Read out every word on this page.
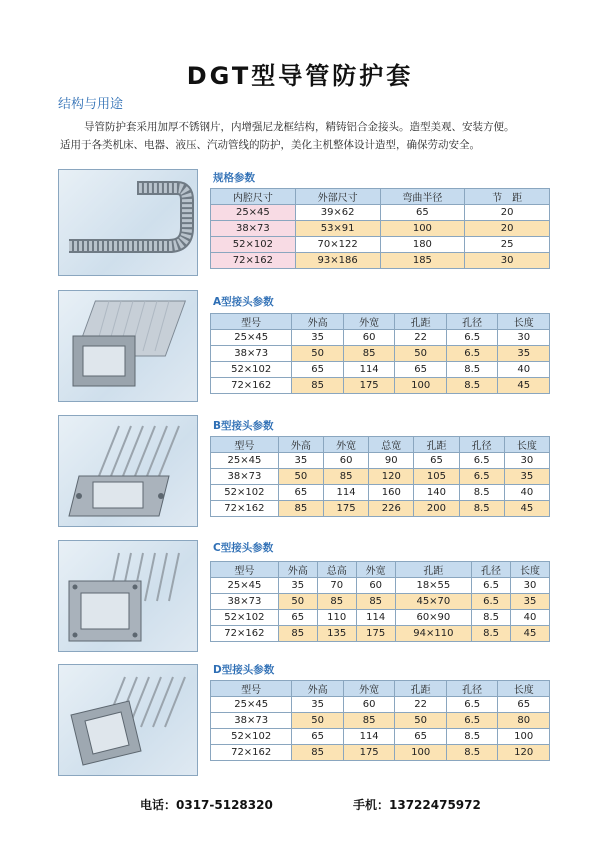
DGT型导管防护套
结构与用途

导管防护套采用加厚不锈钢片，内增强尼龙框结构，精铸铝合金接头。造型美观、安装方便。

适用于各类机床、电器、液压、汽动管线的防护，美化主机整体设计造型，确保劳动安全。

规格参数
内腔尺寸	外部尺寸	弯曲半径	节　距
25×45	39×62	65	20
38×73	53×91	100	20
52×102	70×122	180	25
72×162	93×186	185	30
A型接头参数
型号	外高	外宽	孔距	孔径	长度
25×45	35	60	22	6.5	30
38×73	50	85	50	6.5	35
52×102	65	114	65	8.5	40
72×162	85	175	100	8.5	45
B型接头参数
型号	外高	外宽	总宽	孔距	孔径	长度
25×45	35	60	90	65	6.5	30
38×73	50	85	120	105	6.5	35
52×102	65	114	160	140	8.5	40
72×162	85	175	226	200	8.5	45
C型接头参数
型号	外高	总高	外宽	孔距	孔径	长度
25×45	35	70	60	18×55	6.5	30
38×73	50	85	85	45×70	6.5	35
52×102	65	110	114	60×90	8.5	40
72×162	85	135	175	94×110	8.5	45
D型接头参数
型号	外高	外宽	孔距	孔径	长度
25×45	35	60	22	6.5	65
38×73	50	85	50	6.5	80
52×102	65	114	65	8.5	100
72×162	85	175	100	8.5	120
电话：0317-5128320	手机：13722475972
